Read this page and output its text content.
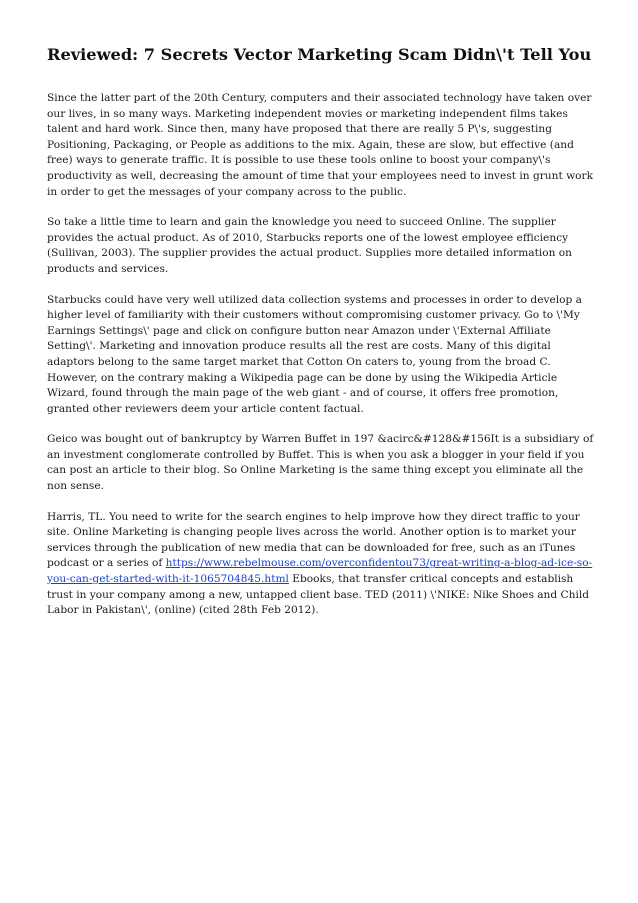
Reviewed: 7 Secrets Vector Marketing Scam Didn\'t Tell You

Since the latter part of the 20th Century, computers and their associated technology have taken over our lives, in so many ways. Marketing independent movies or marketing independent films takes talent and hard work. Since then, many have proposed that there are really 5 P\'s, suggesting Positioning, Packaging, or People as additions to the mix. Again, these are slow, but effective (and free) ways to generate traffic. It is possible to use these tools online to boost your company\'s productivity as well, decreasing the amount of time that your employees need to invest in grunt work in order to get the messages of your company across to the public.

So take a little time to learn and gain the knowledge you need to succeed Online. The supplier provides the actual product. As of 2010, Starbucks reports one of the lowest employee efficiency (Sullivan, 2003). The supplier provides the actual product. Supplies more detailed information on products and services.

Starbucks could have very well utilized data collection systems and processes in order to develop a higher level of familiarity with their customers without compromising customer privacy. Go to \'My Earnings Settings\' page and click on configure button near Amazon under \'External Affiliate Setting\'. Marketing and innovation produce results all the rest are costs. Many of this digital adaptors belong to the same target market that Cotton On caters to, young from the broad C. However, on the contrary making a Wikipedia page can be done by using the Wikipedia Article Wizard, found through the main page of the web giant - and of course, it offers free promotion, granted other reviewers deem your article content factual.

Geico was bought out of bankruptcy by Warren Buffet in 197 &acirc&#128&#156It is a subsidiary of an investment conglomerate controlled by Buffet. This is when you ask a blogger in your field if you can post an article to their blog. So Online Marketing is the same thing except you eliminate all the non sense.

Harris, TL. You need to write for the search engines to help improve how they direct traffic to your site. Online Marketing is changing people lives across the world. Another option is to market your services through the publication of new media that can be downloaded for free, such as an iTunes podcast or a series of https://www.rebelmouse.com/overconfidentou73/great-writing-a-blog-ad-ice-so-you-can-get-started-with-it-1065704845.html Ebooks, that transfer critical concepts and establish trust in your company among a new, untapped client base. TED (2011) \'NIKE: Nike Shoes and Child Labor in Pakistan\', (online) (cited 28th Feb 2012).
